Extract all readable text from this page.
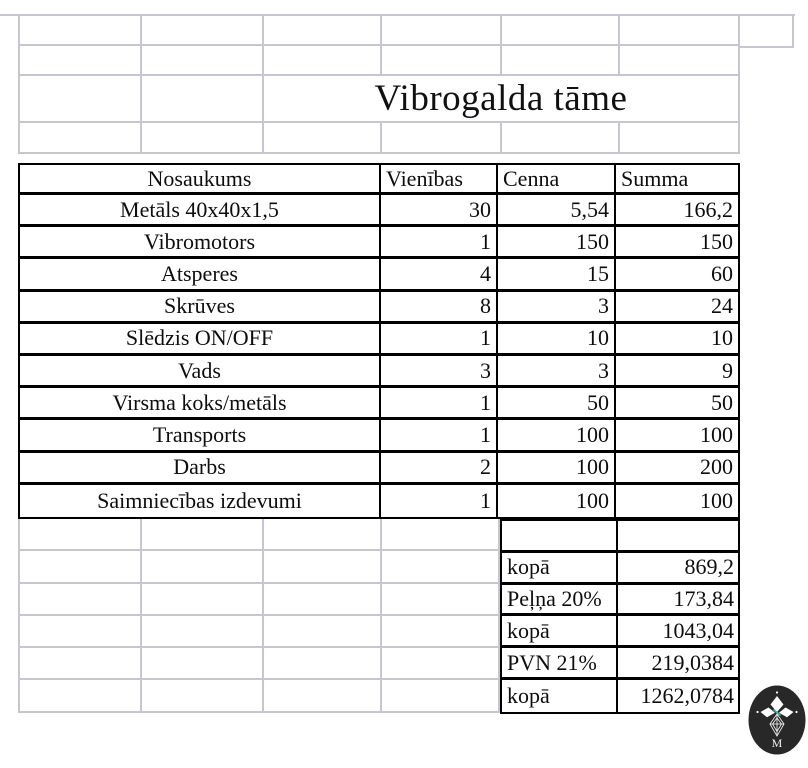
Vibrogalda tāme
Nosaukums	Vienības	Cenna	Summa
Metāls 40x40x1,5	30	5,54	166,2
Vibromotors	1	150	150
Atsperes	4	15	60
Skrūves	8	3	24
Slēdzis ON/OFF	1	10	10
Vads	3	3	9
Virsma koks/metāls	1	50	50
Transports	1	100	100
Darbs	2	100	200
Saimniecības izdevumi	1	100	100
kopā	869,2
Peļņa 20%	173,84
kopā	1043,04
PVN 21%	219,0384
kopā	1262,0784
M
